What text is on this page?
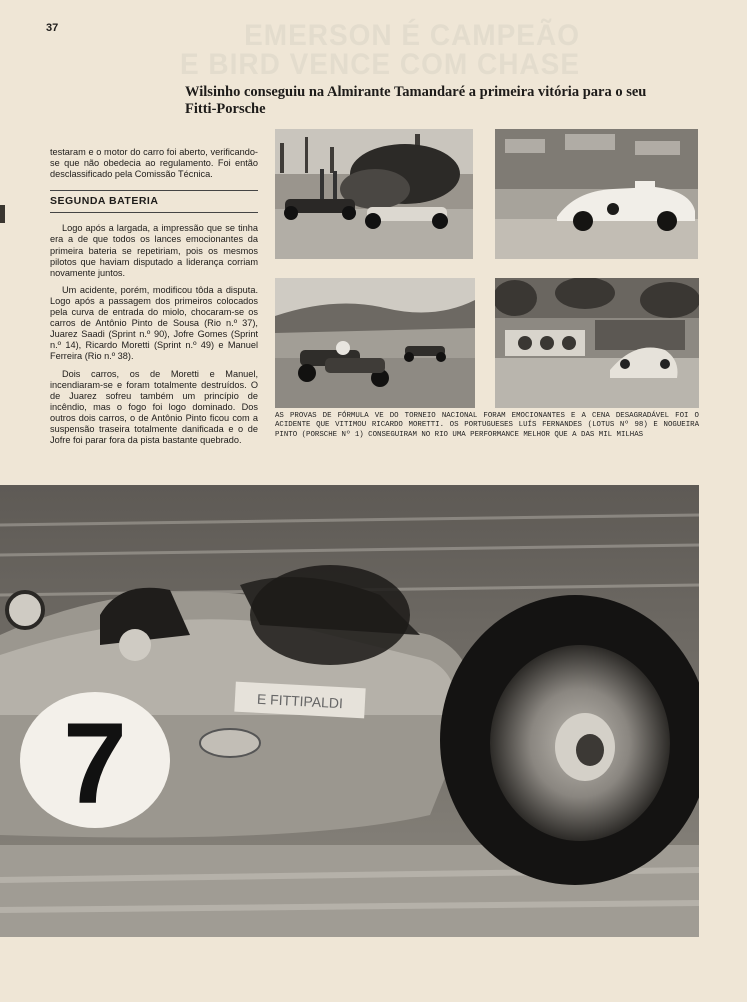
37	EMERSON É CAMPEÃO
E BIRD VENCE COM CHASE
Wilsinho conseguiu na Almirante Tamandaré a primeira vitória para o seu Fitti-Porsche

testaram e o motor do carro foi aberto, verificando-se que não obedecia ao regulamento. Foi então desclassificado pela Comissão Técnica.

SEGUNDA BATERIA

Logo após a largada, a impressão que se tinha era a de que todos os lances emocionantes da primeira bateria se repetiriam, pois os mesmos pilotos que haviam disputado a liderança corriam novamente juntos.

Um acidente, porém, modificou tôda a disputa. Logo após a passagem dos primeiros colocados pela curva de entrada do miolo, chocaram-se os carros de Antônio Pinto de Sousa (Rio n.º 37), Juarez Saadi (Sprint n.º 90), Jofre Gomes (Sprint n.º 14), Ricardo Moretti (Sprint n.º 49) e Manuel Ferreira (Rio n.º 38).

Dois carros, os de Moretti e Manuel, incendiaram-se e foram totalmente destruídos. O de Juarez sofreu também um princípio de incêndio, mas o fogo foi logo dominado. Dos outros dois carros, o de Antônio Pinto ficou com a suspensão traseira totalmente danificada e o de Jofre foi parar fora da pista bastante quebrado.

AS PROVAS DE FÓRMULA VE DO TORNEIO NACIONAL FORAM EMOCIONANTES E A CENA DESAGRADÁVEL FOI O ACIDENTE QUE VITIMOU RICARDO MORETTI. OS PORTUGUESES LUÍS FERNANDES (LOTUS Nº 98) E NOGUEIRA PINTO (PORSCHE Nº 1) CONSEGUIRAM NO RIO UMA PERFORMANCE MELHOR QUE A DAS MIL MILHAS
7	E FITTIPALDI
